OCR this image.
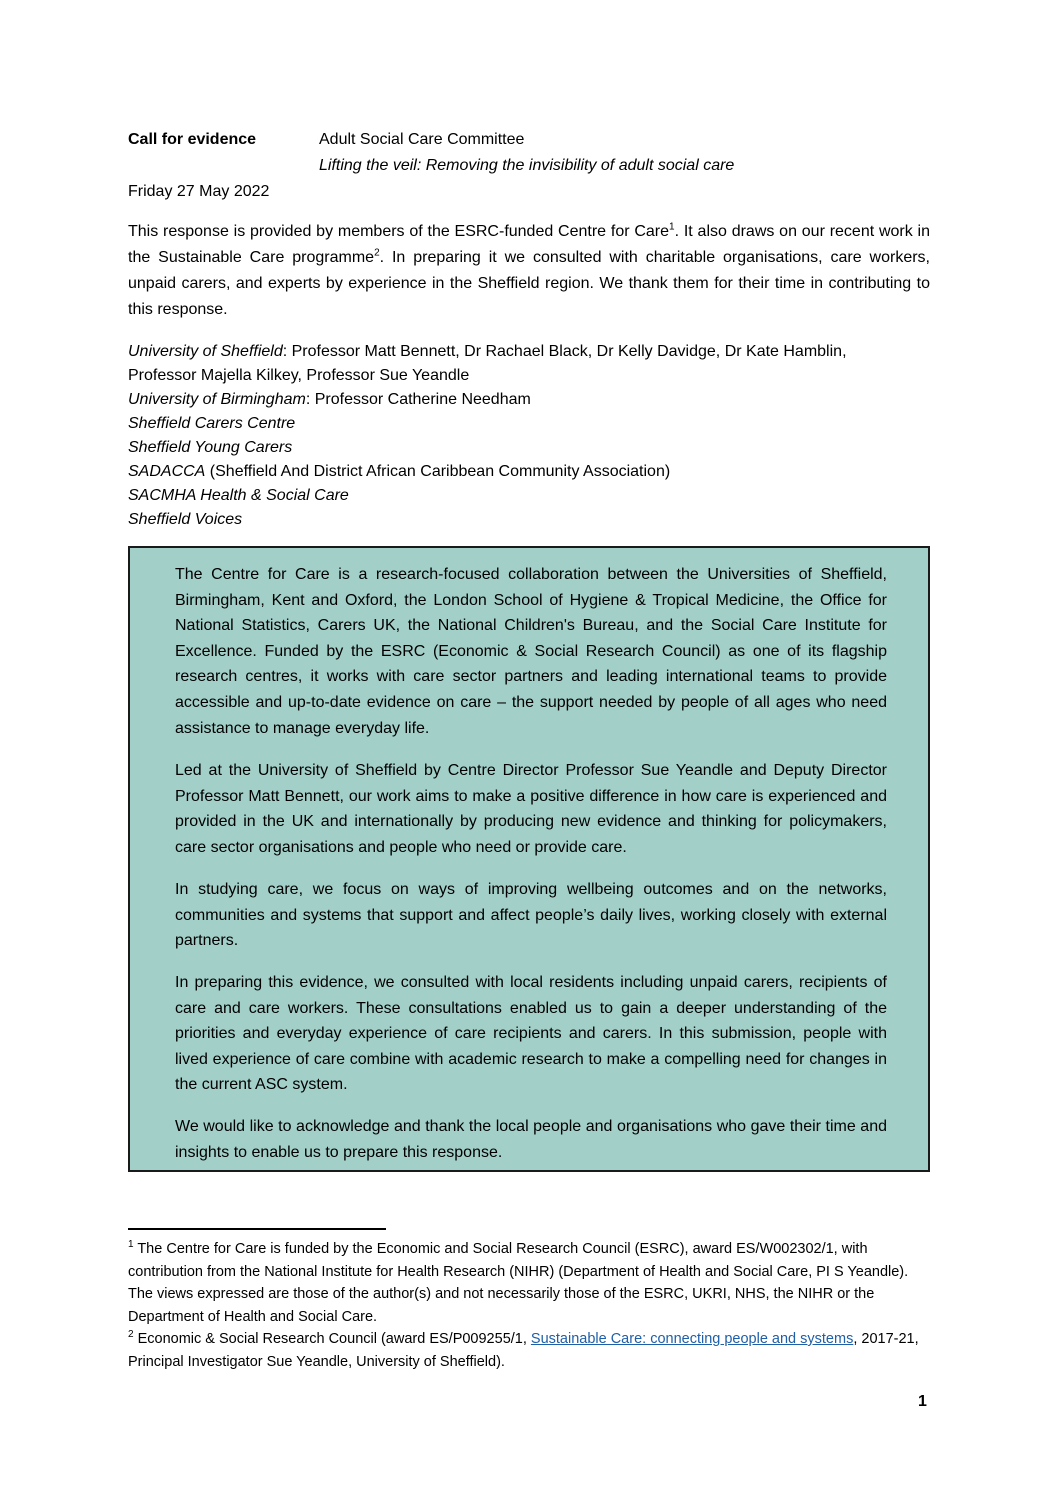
Call for evidence	Adult Social Care Committee
Lifting the veil: Removing the invisibility of adult social care
Friday 27 May 2022

This response is provided by members of the ESRC-funded Centre for Care$^1$. It also draws on our recent work in the Sustainable Care programme$^2$. In preparing it we consulted with charitable organisations, care workers, unpaid carers, and experts by experience in the Sheffield region. We thank them for their time in contributing to this response.

University of Sheffield: Professor Matt Bennett, Dr Rachael Black, Dr Kelly Davidge, Dr Kate Hamblin,
Professor Majella Kilkey, Professor Sue Yeandle
University of Birmingham: Professor Catherine Needham
Sheffield Carers Centre
Sheffield Young Carers
SADACCA (Sheffield And District African Caribbean Community Association)
SACMHA Health & Social Care
Sheffield Voices

The Centre for Care is a research-focused collaboration between the Universities of Sheffield, Birmingham, Kent and Oxford, the London School of Hygiene & Tropical Medicine, the Office for National Statistics, Carers UK, the National Children's Bureau, and the Social Care Institute for Excellence. Funded by the ESRC (Economic & Social Research Council) as one of its flagship research centres, it works with care sector partners and leading international teams to provide accessible and up-to-date evidence on care – the support needed by people of all ages who need assistance to manage everyday life.

Led at the University of Sheffield by Centre Director Professor Sue Yeandle and Deputy Director Professor Matt Bennett, our work aims to make a positive difference in how care is experienced and provided in the UK and internationally by producing new evidence and thinking for policymakers, care sector organisations and people who need or provide care.

In studying care, we focus on ways of improving wellbeing outcomes and on the networks, communities and systems that support and affect people’s daily lives, working closely with external partners.

In preparing this evidence, we consulted with local residents including unpaid carers, recipients of care and care workers. These consultations enabled us to gain a deeper understanding of the priorities and everyday experience of care recipients and carers. In this submission, people with lived experience of care combine with academic research to make a compelling need for changes in the current ASC system.

We would like to acknowledge and thank the local people and organisations who gave their time and insights to enable us to prepare this response.

$^1$ The Centre for Care is funded by the Economic and Social Research Council (ESRC), award ES/W002302/1, with contribution from the National Institute for Health Research (NIHR) (Department of Health and Social Care, PI S Yeandle). The views expressed are those of the author(s) and not necessarily those of the ESRC, UKRI, NHS, the NIHR or the Department of Health and Social Care.

$^2$ Economic & Social Research Council (award ES/P009255/1, Sustainable Care: connecting people and systems, 2017-21, Principal Investigator Sue Yeandle, University of Sheffield).

1
